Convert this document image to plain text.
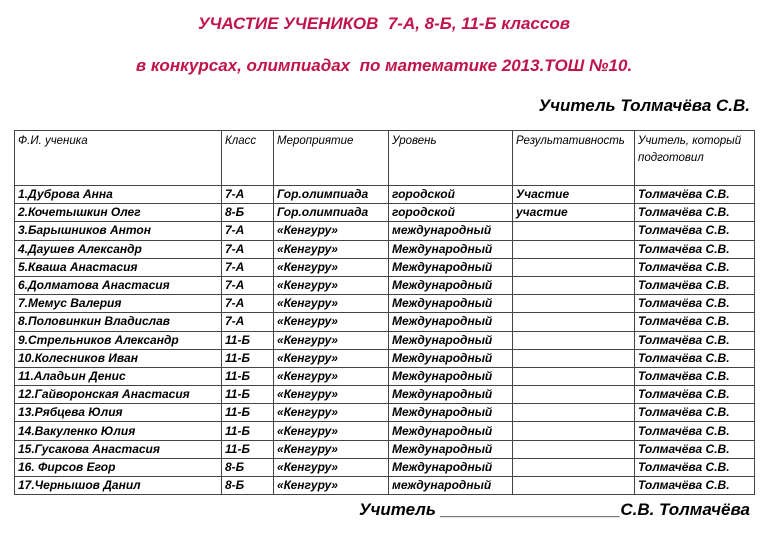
УЧАСТИЕ УЧЕНИКОВ  7-А, 8-Б, 11-Б классов
в конкурсах, олимпиадах  по математике 2013.ТОШ №10.
Учитель Толмачёва С.В.
Ф.И. ученика	Класс	Мероприятие	Уровень	Результативность	Учитель, который подготовил
1.Дуброва Анна	7-А	Гор.олимпиада	городской	Участие	Толмачёва С.В.
2.Кочетышкин Олег	8-Б	Гор.олимпиада	городской	участие	Толмачёва С.В.
3.Барышников Антон	7-А	«Кенгуру»	международный		Толмачёва С.В.
4.Даушев Александр	7-А	«Кенгуру»	Международный		Толмачёва С.В.
5.Кваша Анастасия	7-А	«Кенгуру»	Международный		Толмачёва С.В.
6.Долматова Анастасия	7-А	«Кенгуру»	Международный		Толмачёва С.В.
7.Мемус Валерия	7-А	«Кенгуру»	Международный		Толмачёва С.В.
8.Половинкин Владислав	7-А	«Кенгуру»	Международный		Толмачёва С.В.
9.Стрельников Александр	11-Б	«Кенгуру»	Международный		Толмачёва С.В.
10.Колесников Иван	11-Б	«Кенгуру»	Международный		Толмачёва С.В.
11.Аладьин Денис	11-Б	«Кенгуру»	Международный		Толмачёва С.В.
12.Гайворонская Анастасия	11-Б	«Кенгуру»	Международный		Толмачёва С.В.
13.Рябцева Юлия	11-Б	«Кенгуру»	Международный		Толмачёва С.В.
14.Вакуленко Юлия	11-Б	«Кенгуру»	Международный		Толмачёва С.В.
15.Гусакова Анастасия	11-Б	«Кенгуру»	Международный		Толмачёва С.В.
16. Фирсов Егор	8-Б	«Кенгуру»	Международный		Толмачёва С.В.
17.Чернышов Данил	8-Б	«Кенгуру»	международный		Толмачёва С.В.
Учитель ___________________С.В. Толмачёва
